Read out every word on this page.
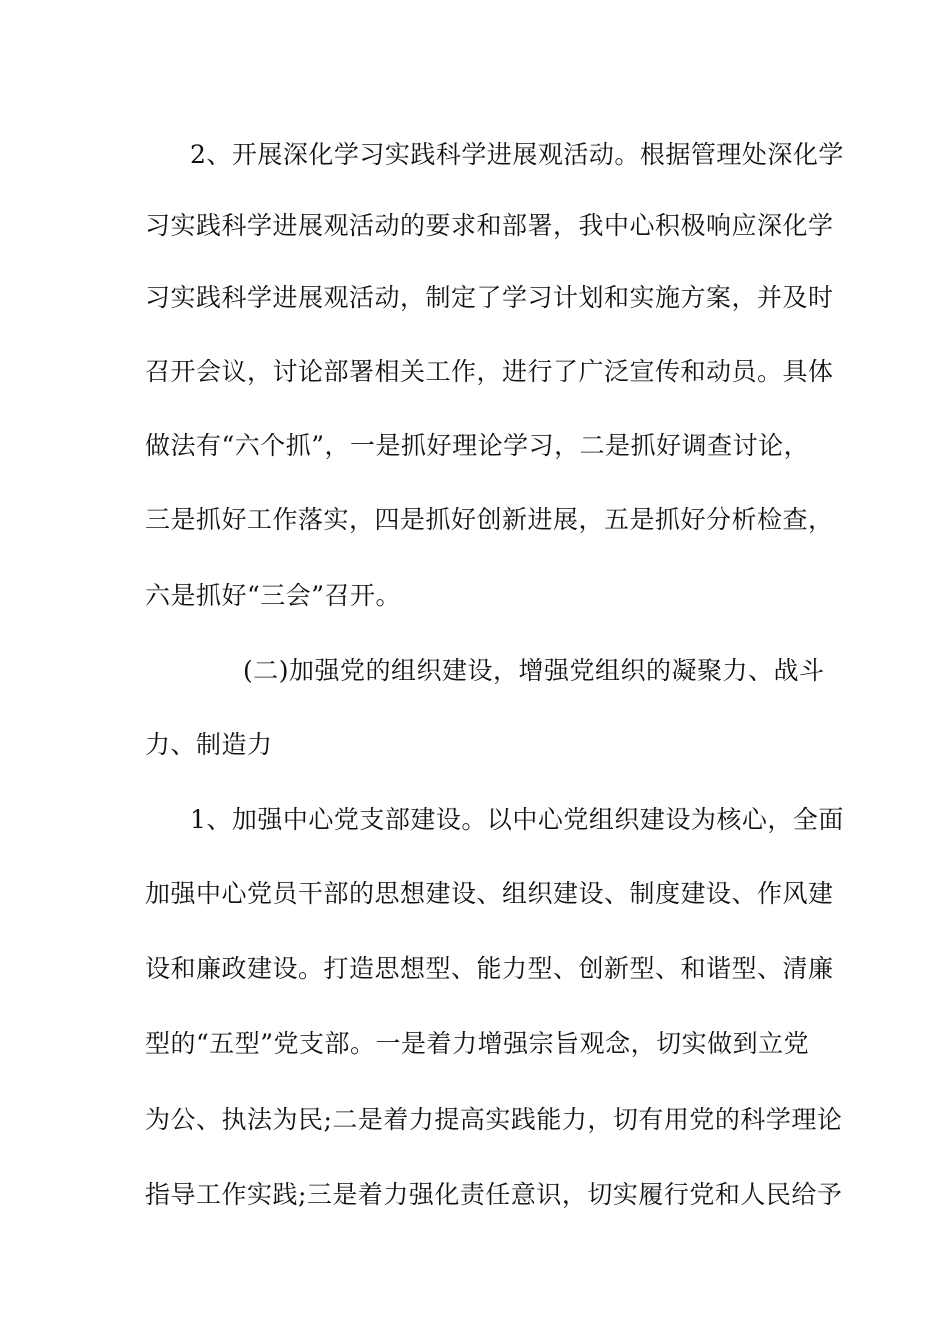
2、开展深化学习实践科学进展观活动。根据管理处深化学
习实践科学进展观活动的要求和部署，我中心积极响应深化学
习实践科学进展观活动，制定了学习计划和实施方案，并及时
召开会议，讨论部署相关工作，进行了广泛宣传和动员。具体
做法有“六个抓”，一是抓好理论学习，二是抓好调查讨论，
三是抓好工作落实，四是抓好创新进展，五是抓好分析检查，
六是抓好“三会”召开。
(二)加强党的组织建设，增强党组织的凝聚力、战斗
力、制造力
1、加强中心党支部建设。以中心党组织建设为核心，全面
加强中心党员干部的思想建设、组织建设、制度建设、作风建
设和廉政建设。打造思想型、能力型、创新型、和谐型、清廉
型的“五型”党支部。一是着力增强宗旨观念，切实做到立党
为公、执法为民;二是着力提高实践能力，切有用党的科学理论
指导工作实践;三是着力强化责任意识，切实履行党和人民给予
